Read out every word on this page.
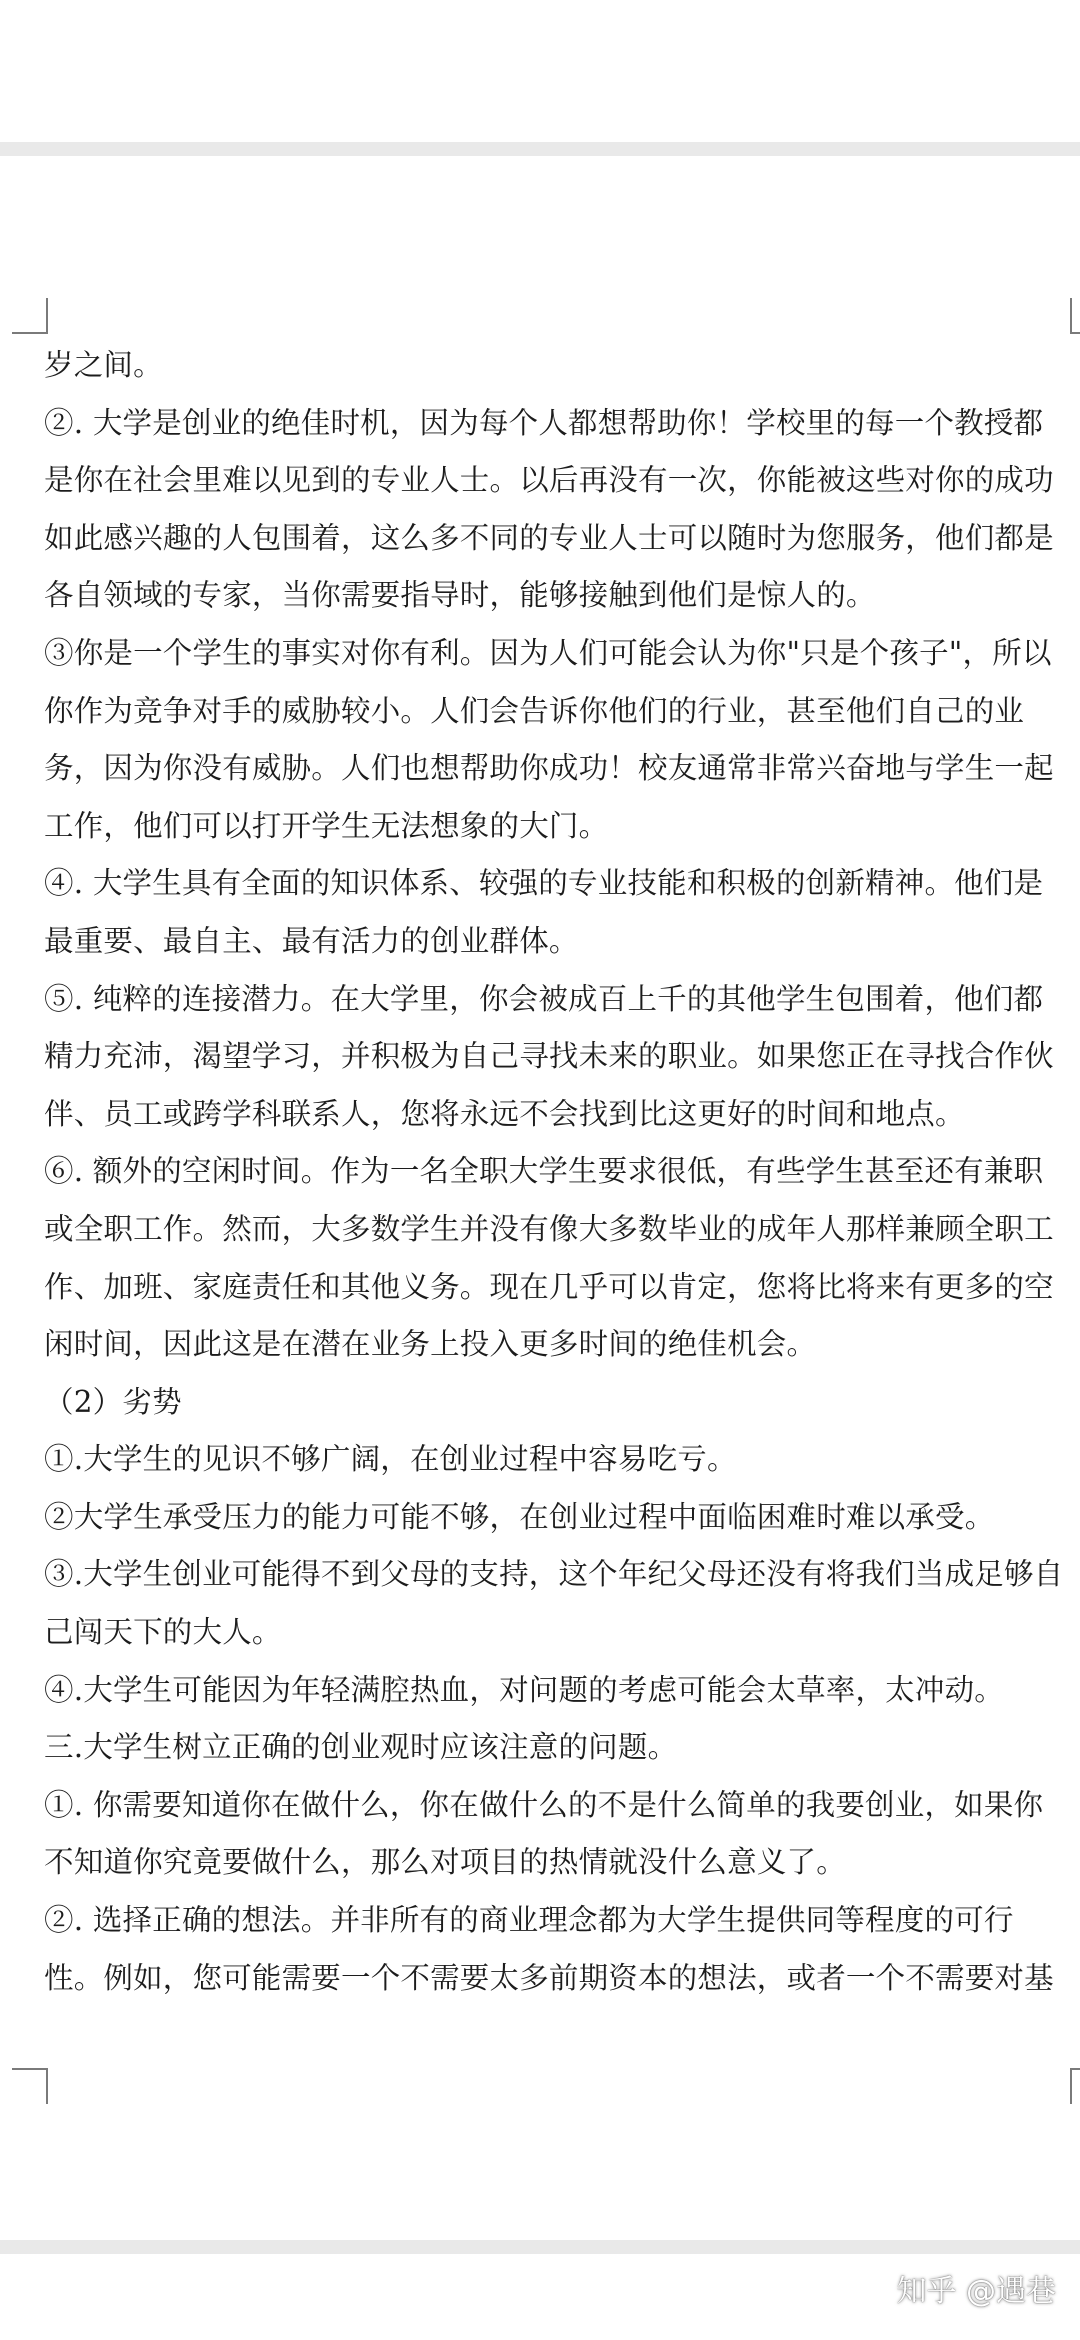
岁之间。
②. 大学是创业的绝佳时机，因为每个人都想帮助你！学校里的每一个教授都
是你在社会里难以见到的专业人士。以后再没有一次，你能被这些对你的成功
如此感兴趣的人包围着，这么多不同的专业人士可以随时为您服务，他们都是
各自领域的专家，当你需要指导时，能够接触到他们是惊人的。
③你是一个学生的事实对你有利。因为人们可能会认为你"只是个孩子"，所以
你作为竞争对手的威胁较小。人们会告诉你他们的行业，甚至他们自己的业
务，因为你没有威胁。人们也想帮助你成功！校友通常非常兴奋地与学生一起
工作，他们可以打开学生无法想象的大门。
④. 大学生具有全面的知识体系、较强的专业技能和积极的创新精神。他们是
最重要、最自主、最有活力的创业群体。
⑤. 纯粹的连接潜力。在大学里，你会被成百上千的其他学生包围着，他们都
精力充沛，渴望学习，并积极为自己寻找未来的职业。如果您正在寻找合作伙
伴、员工或跨学科联系人，您将永远不会找到比这更好的时间和地点。
⑥. 额外的空闲时间。作为一名全职大学生要求很低，有些学生甚至还有兼职
或全职工作。然而，大多数学生并没有像大多数毕业的成年人那样兼顾全职工
作、加班、家庭责任和其他义务。现在几乎可以肯定，您将比将来有更多的空
闲时间，因此这是在潜在业务上投入更多时间的绝佳机会。
（2）劣势
①.大学生的见识不够广阔，在创业过程中容易吃亏。
②大学生承受压力的能力可能不够，在创业过程中面临困难时难以承受。
③.大学生创业可能得不到父母的支持，这个年纪父母还没有将我们当成足够自
己闯天下的大人。
④.大学生可能因为年轻满腔热血，对问题的考虑可能会太草率，太冲动。
三.大学生树立正确的创业观时应该注意的问题。
①. 你需要知道你在做什么，你在做什么的不是什么简单的我要创业，如果你
不知道你究竟要做什么，那么对项目的热情就没什么意义了。
②. 选择正确的想法。并非所有的商业理念都为大学生提供同等程度的可行
性。例如，您可能需要一个不需要太多前期资本的想法，或者一个不需要对基
知乎 @遇巷
